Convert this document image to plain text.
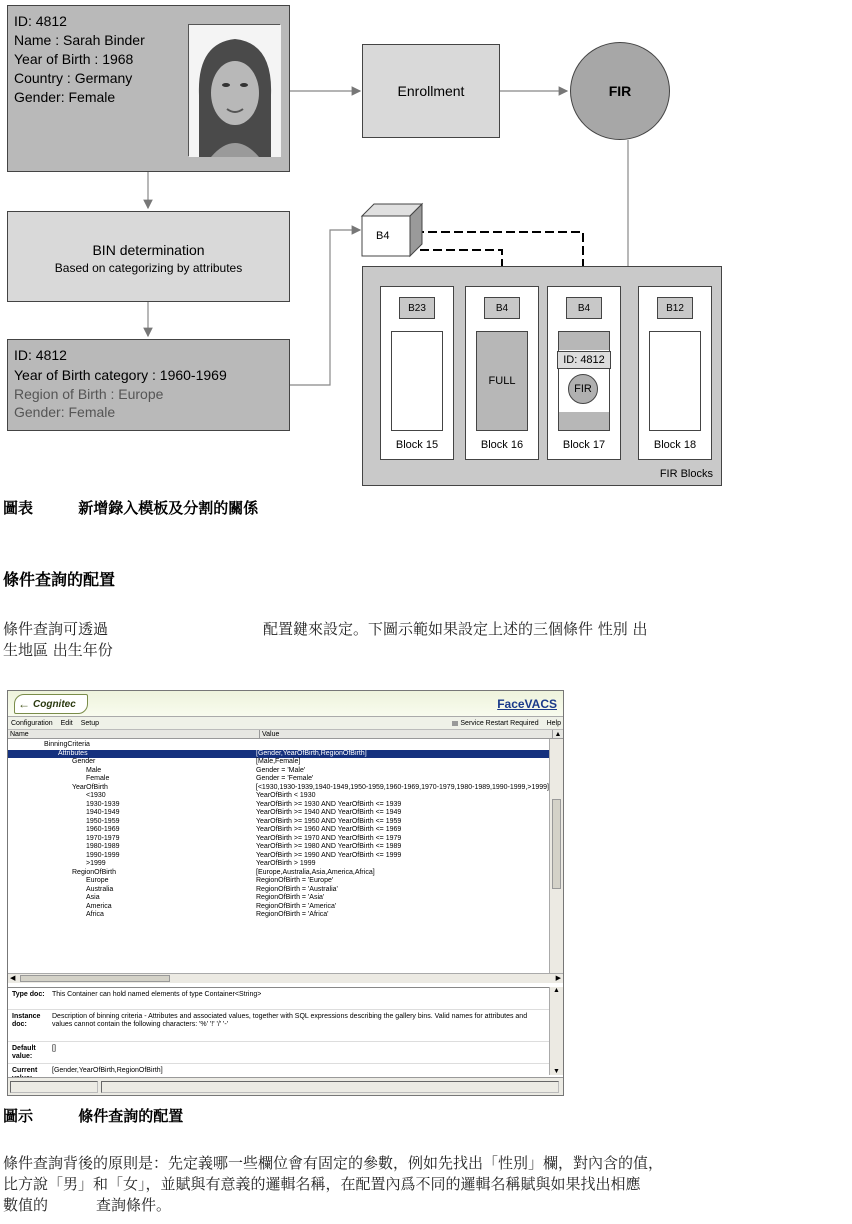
ID: 4812
Name : Sarah Binder
Year of Birth : 1968
Country : Germany
Gender: Female	Enrollment	FIR
BIN determination
Based on categorizing by attributes
ID: 4812
Year of Birth category : 1960-1969
Region of Birth : Europe
Gender: Female
B4
FIR Blocks
B23
Block 15
B4
FULL
Block 16
B4
ID: 4812
FIR
Block 17
B12
Block 18
圖表	新增錄入模板及分割的關係
條件查詢的配置
條件查詢可透過	配置鍵來設定。下圖示範如果設定上述的三個條件 性別 出
生地區 出生年份
← Cognitec	FaceVACS
Configuration Edit Setup	Service Restart Required Help
Name	Value	▲
BinningCriteria
Attributes	[Gender,YearOfBirth,RegionOfBirth]
Gender	[Male,Female]
Male	Gender = 'Male'
Female	Gender = 'Female'
YearOfBirth	[<1930,1930-1939,1940-1949,1950-1959,1960-1969,1970-1979,1980-1989,1990-1999,>1999]
<1930	YearOfBirth < 1930
1930-1939	YearOfBirth >= 1930 AND YearOfBirth <= 1939
1940-1949	YearOfBirth >= 1940 AND YearOfBirth <= 1949
1950-1959	YearOfBirth >= 1950 AND YearOfBirth <= 1959
1960-1969	YearOfBirth >= 1960 AND YearOfBirth <= 1969
1970-1979	YearOfBirth >= 1970 AND YearOfBirth <= 1979
1980-1989	YearOfBirth >= 1980 AND YearOfBirth <= 1989
1990-1999	YearOfBirth >= 1990 AND YearOfBirth <= 1999
>1999	YearOfBirth > 1999
RegionOfBirth	[Europe,Australia,Asia,America,Africa]
Europe	RegionOfBirth = 'Europe'
Australia	RegionOfBirth = 'Australia'
Asia	RegionOfBirth = 'Asia'
America	RegionOfBirth = 'America'
Africa	RegionOfBirth = 'Africa'
◀	▶
Type doc:	This Container can hold named elements of type Container<String>
Instance doc:
Description of binning criteria - Attributes and associated values, together with SQL expressions describing the gallery bins. Valid names for attributes and values cannot contain the following characters: '%' '!' '/' '-'
Default value:
[]
Current	[Gender,YearOfBirth,RegionOfBirth]
▲
▼
圖示	條件查詢的配置
條件查詢背後的原則是：先定義哪一些欄位會有固定的參數，例如先找出「性別」欄，對內含的值，
比方說「男」和「女」，並賦與有意義的邏輯名稱，在配置內爲不同的邏輯名稱賦與如果找出相應
數值的	查詢條件。
